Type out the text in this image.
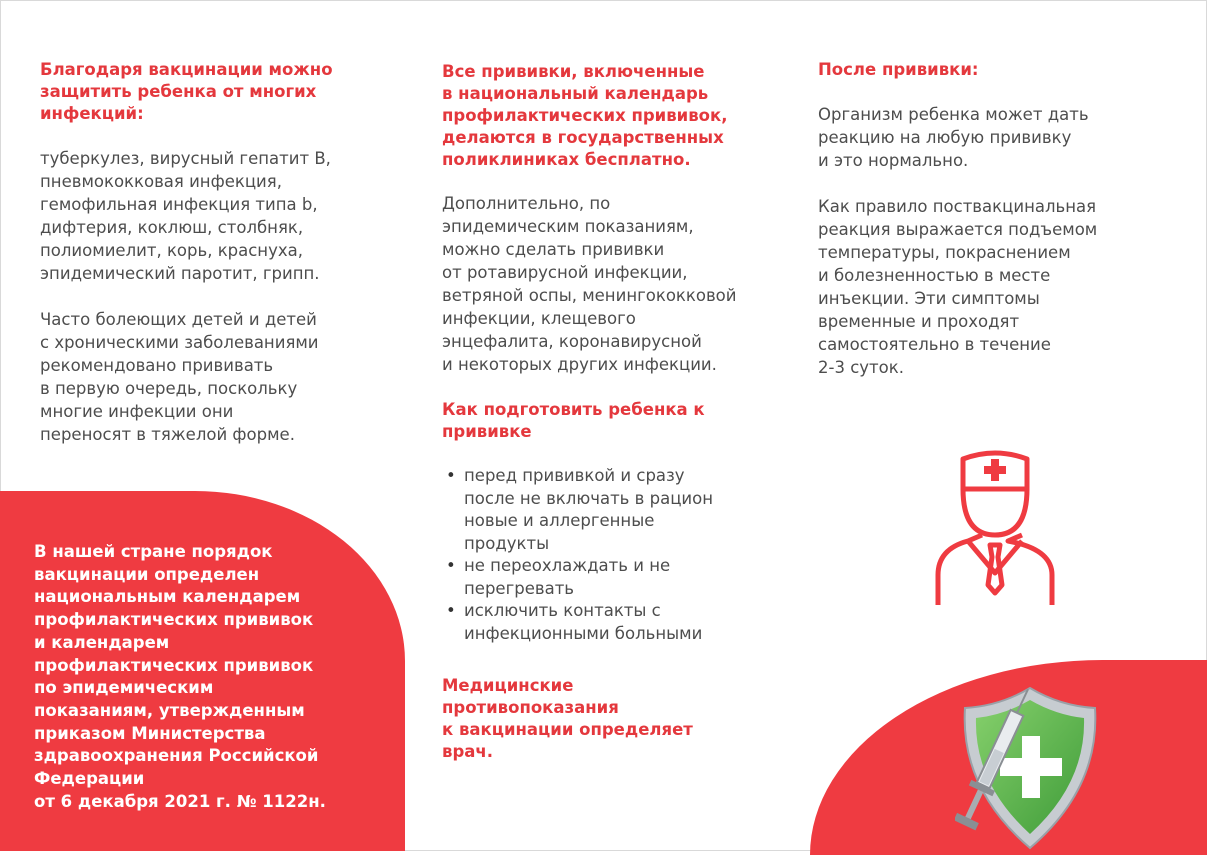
Благодаря вакцинации можно
защитить ребенка от многих
инфекций:

туберкулез, вирусный гепатит В,
пневмококковая инфекция,
гемофильная инфекция типа b,
дифтерия, коклюш, столбняк,
полиомиелит, корь, краснуха,
эпидемический паротит, грипп.

Часто болеющих детей и детей
с хроническими заболеваниями
рекомендовано прививать
в первую очередь, поскольку
многие инфекции они
переносят в тяжелой форме.

В нашей стране порядок
вакцинации определен
национальным календарем
профилактических прививок
и календарем
профилактических прививок
по эпидемическим
показаниям, утвержденным
приказом Министерства
здравоохранения Российской
Федерации
от 6 декабря 2021 г. № 1122н.

Все прививки, включенные
в национальный календарь
профилактических прививок,
делаются в государственных
поликлиниках бесплатно.

Дополнительно, по
эпидемическим показаниям,
можно сделать прививки
от ротавирусной инфекции,
ветряной оспы, менингококковой
инфекции, клещевого
энцефалита, коронавирусной
и некоторых других инфекции.

Как подготовить ребенка к
прививке

• перед прививкой и сразу
после не включать в рацион
новые и аллергенные
продукты
• не переохлаждать и не
перегревать
• исключить контакты с
инфекционными больными

Медицинские
противопоказания
к вакцинации определяет
врач.

После прививки:

Организм ребенка может дать
реакцию на любую прививку
и это нормально.

Как правило поствакцинальная
реакция выражается подъемом
температуры, покраснением
и болезненностью в месте
инъекции. Эти симптомы
временные и проходят
самостоятельно в течение
2-3 суток.
